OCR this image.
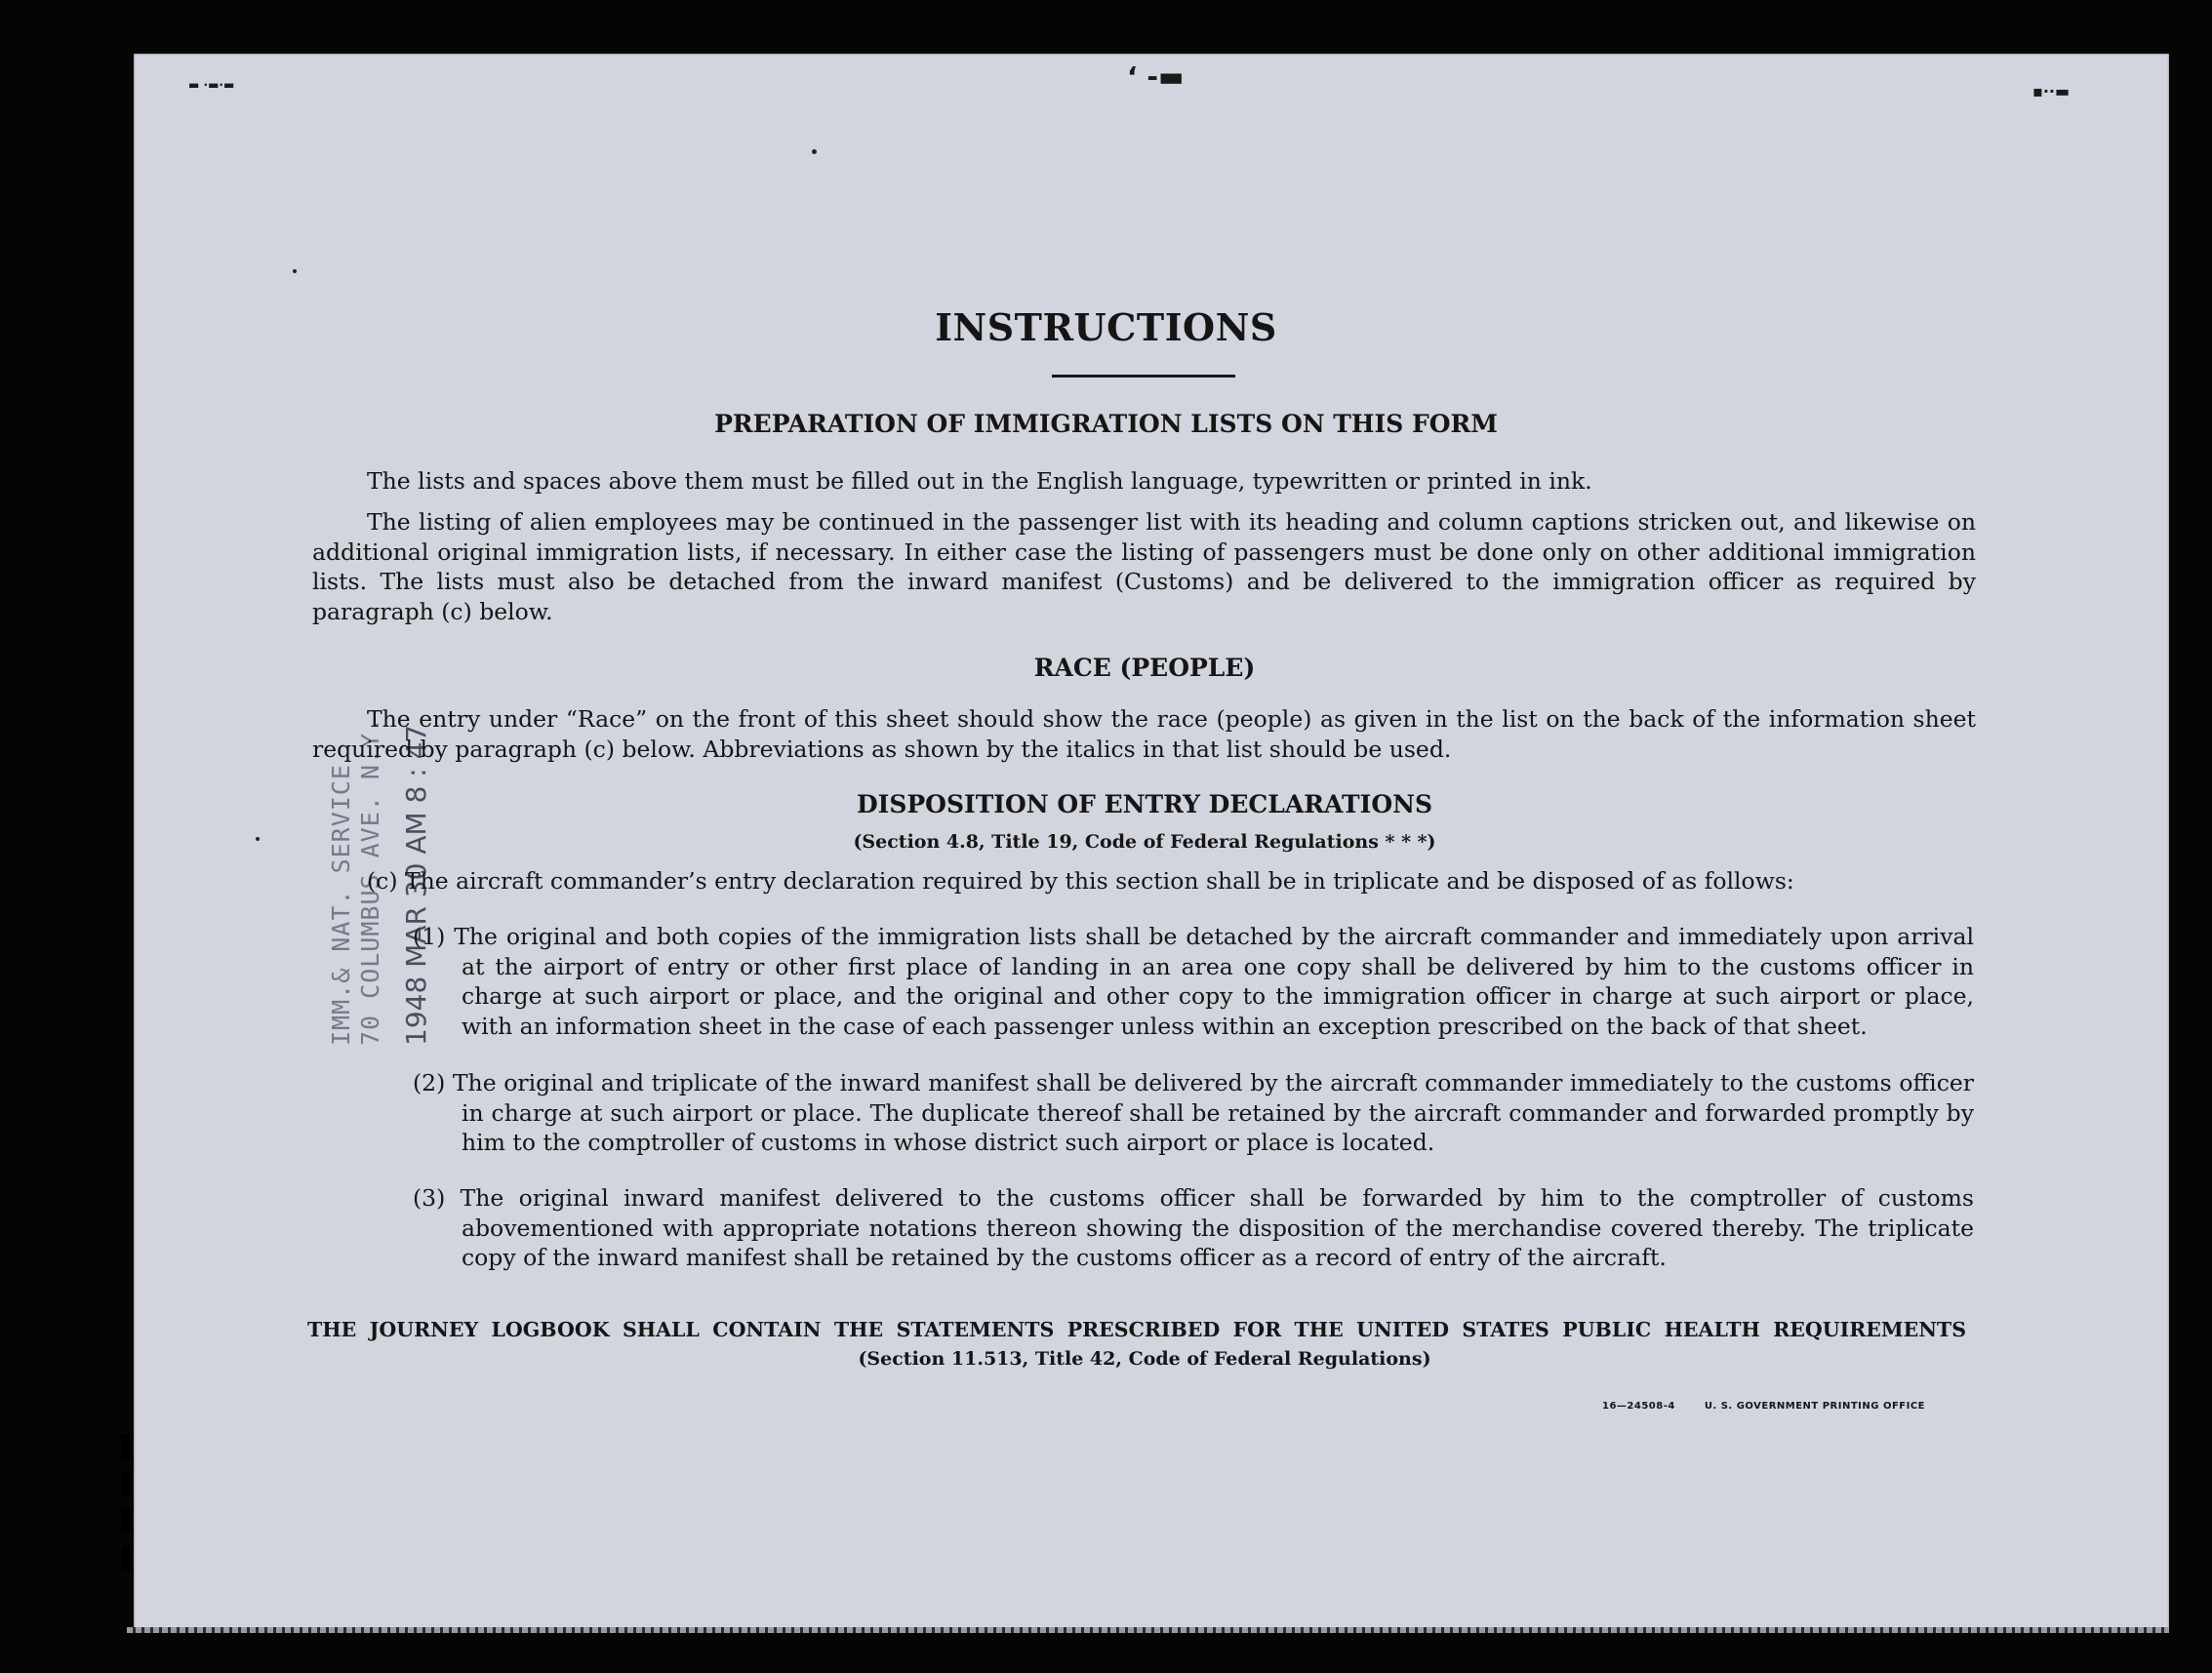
‘ -▬	▪··▬
▬ ·▬·▬
IMM.& NAT. SERVICE 70 COLUMBUS AVE. N.Y. 1948 MAR 30 AM 8 : 47
INSTRUCTIONS
PREPARATION OF IMMIGRATION LISTS ON THIS FORM
The lists and spaces above them must be filled out in the English language, typewritten or printed in ink.
The listing of alien employees may be continued in the passenger list with its heading and column captions stricken out, and likewise on additional original immigration lists, if necessary. In either case the listing of passengers must be done only on other additional immigration lists. The lists must also be detached from the inward manifest (Customs) and be delivered to the immigration officer as required by paragraph (c) below.
RACE (PEOPLE)
The entry under “Race” on the front of this sheet should show the race (people) as given in the list on the back of the information sheet required by paragraph (c) below. Abbreviations as shown by the italics in that list should be used.
DISPOSITION OF ENTRY DECLARATIONS
(Section 4.8, Title 19, Code of Federal Regulations * * *)
(c) The aircraft commander’s entry declaration required by this section shall be in triplicate and be disposed of as follows:
(1) The original and both copies of the immigration lists shall be detached by the aircraft commander and immediately upon arrival at the airport of entry or other first place of landing in an area one copy shall be delivered by him to the customs officer in charge at such airport or place, and the original and other copy to the immigration officer in charge at such airport or place, with an information sheet in the case of each passenger unless within an exception prescribed on the back of that sheet.
(2) The original and triplicate of the inward manifest shall be delivered by the aircraft commander immediately to the customs officer in charge at such airport or place. The duplicate thereof shall be retained by the aircraft commander and forwarded promptly by him to the comptroller of customs in whose district such airport or place is located.
(3) The original inward manifest delivered to the customs officer shall be forwarded by him to the comptroller of customs abovementioned with appropriate notations thereon showing the disposition of the merchandise covered thereby. The triplicate copy of the inward manifest shall be retained by the customs officer as a record of entry of the aircraft.
THE JOURNEY LOGBOOK SHALL CONTAIN THE STATEMENTS PRESCRIBED FOR THE UNITED STATES PUBLIC HEALTH REQUIREMENTS
(Section 11.513, Title 42, Code of Federal Regulations)
16—24508-4	U. S. GOVERNMENT PRINTING OFFICE
